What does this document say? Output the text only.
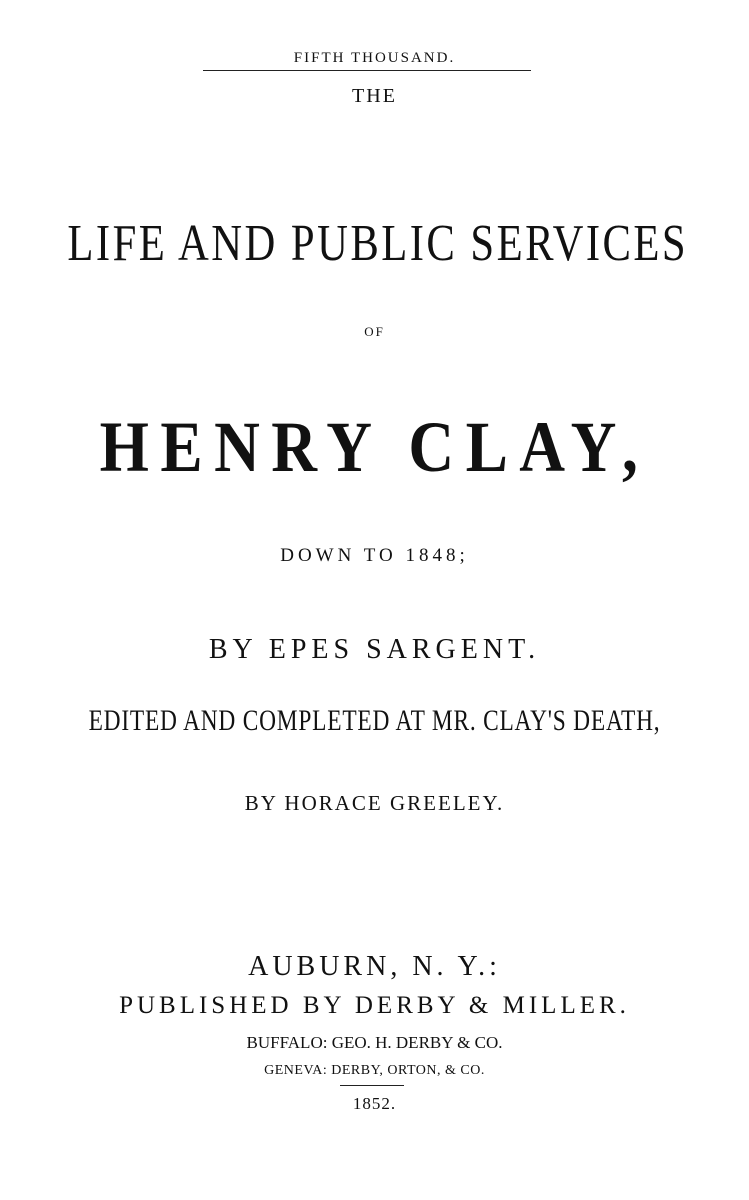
FIFTH THOUSAND.
THE
LIFE AND PUBLIC SERVICES
OF
HENRY CLAY,
DOWN TO 1848;
BY EPES SARGENT.
EDITED AND COMPLETED AT MR. CLAY'S DEATH,
BY HORACE GREELEY.
AUBURN, N. Y.:
PUBLISHED BY DERBY & MILLER.
BUFFALO: GEO. H. DERBY & CO.
GENEVA: DERBY, ORTON, & CO.
1852.
